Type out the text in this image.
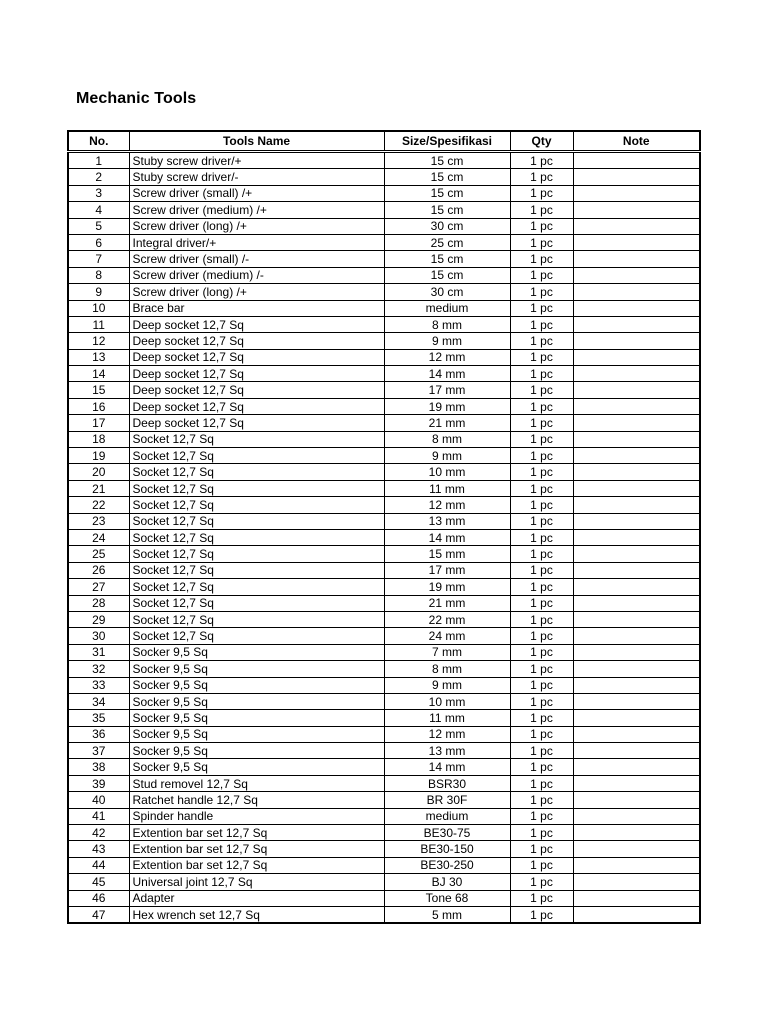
Mechanic Tools
No.	Tools Name	Size/Spesifikasi	Qty	Note
1	Stuby screw driver/+	15 cm	1 pc	
2	Stuby screw driver/-	15 cm	1 pc	
3	Screw driver (small) /+	15 cm	1 pc	
4	Screw driver (medium) /+	15 cm	1 pc	
5	Screw driver (long) /+	30 cm	1 pc	
6	Integral driver/+	25 cm	1 pc	
7	Screw driver (small) /-	15 cm	1 pc	
8	Screw driver (medium) /-	15 cm	1 pc	
9	Screw driver (long) /+	30 cm	1 pc	
10	Brace bar	medium	1 pc	
11	Deep socket 12,7 Sq	8 mm	1 pc	
12	Deep socket 12,7 Sq	9 mm	1 pc	
13	Deep socket 12,7 Sq	12 mm	1 pc	
14	Deep socket 12,7 Sq	14 mm	1 pc	
15	Deep socket 12,7 Sq	17 mm	1 pc	
16	Deep socket 12,7 Sq	19 mm	1 pc	
17	Deep socket 12,7 Sq	21 mm	1 pc	
18	Socket 12,7 Sq	8 mm	1 pc	
19	Socket 12,7 Sq	9 mm	1 pc	
20	Socket 12,7 Sq	10 mm	1 pc	
21	Socket 12,7 Sq	11 mm	1 pc	
22	Socket 12,7 Sq	12 mm	1 pc	
23	Socket 12,7 Sq	13 mm	1 pc	
24	Socket 12,7 Sq	14 mm	1 pc	
25	Socket 12,7 Sq	15 mm	1 pc	
26	Socket 12,7 Sq	17 mm	1 pc	
27	Socket 12,7 Sq	19 mm	1 pc	
28	Socket 12,7 Sq	21 mm	1 pc	
29	Socket 12,7 Sq	22 mm	1 pc	
30	Socket 12,7 Sq	24 mm	1 pc	
31	Socker 9,5 Sq	7 mm	1 pc	
32	Socker 9,5 Sq	8 mm	1 pc	
33	Socker 9,5 Sq	9 mm	1 pc	
34	Socker 9,5 Sq	10 mm	1 pc	
35	Socker 9,5 Sq	11 mm	1 pc	
36	Socker 9,5 Sq	12 mm	1 pc	
37	Socker 9,5 Sq	13 mm	1 pc	
38	Socker 9,5 Sq	14 mm	1 pc	
39	Stud removel 12,7 Sq	BSR30	1 pc	
40	Ratchet handle 12,7 Sq	BR 30F	1 pc	
41	Spinder handle	medium	1 pc	
42	Extention bar set 12,7 Sq	BE30-75	1 pc	
43	Extention bar set 12,7 Sq	BE30-150	1 pc	
44	Extention bar set 12,7 Sq	BE30-250	1 pc	
45	Universal joint 12,7 Sq	BJ 30	1 pc	
46	Adapter	Tone 68	1 pc	
47	Hex wrench set 12,7 Sq	5 mm	1 pc	
